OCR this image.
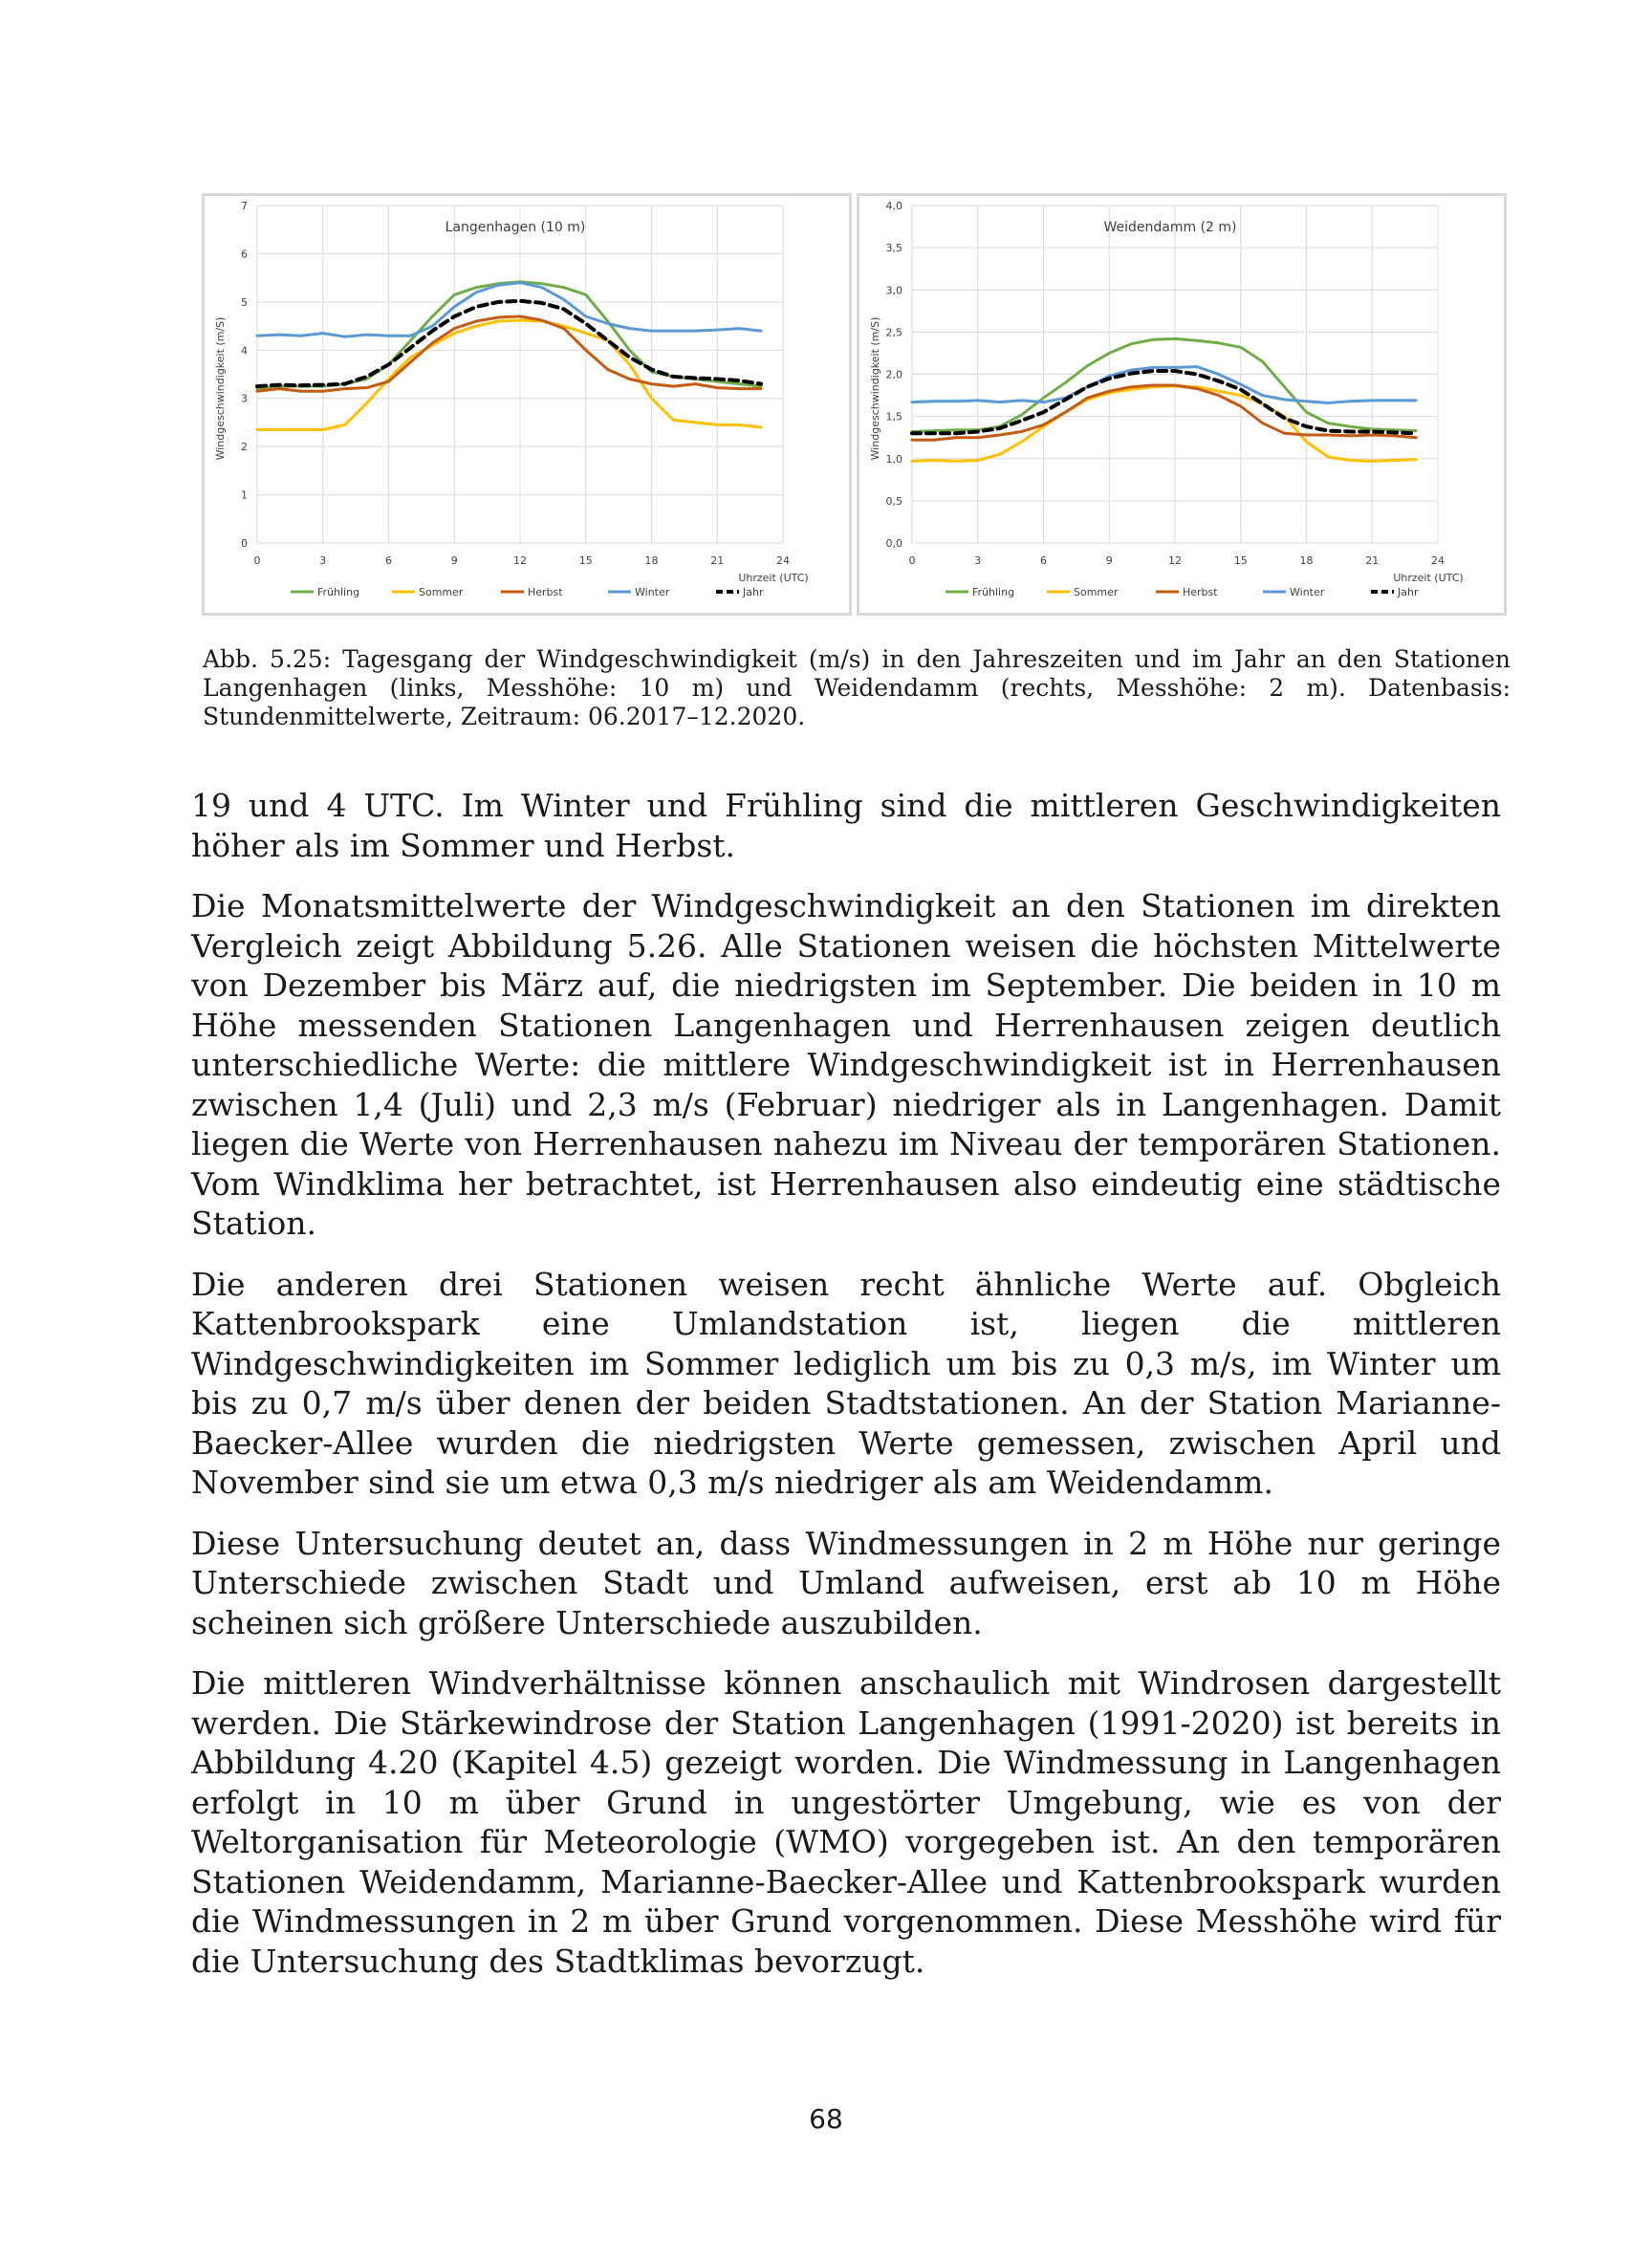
0
1
2
3
4
5
6
7
0	3	6	9	12	15	18	21	24
Langenhagen (10 m)
Uhrzeit (UTC)
Windgeschwindigkeit (m/S)
Frühling	Sommer	Herbst	Winter	Jahr
0,0
0,5
1,0
1,5
2,0
2,5
3,0
3,5
4,0
0	3	6	9	12	15	18	21	24
Weidendamm (2 m)
Uhrzeit (UTC)
Windgeschwindigkeit (m/S)
Frühling	Sommer	Herbst	Winter	Jahr
Abb. 5.25: Tagesgang der Windgeschwindigkeit (m/s) in den Jahreszeiten und im Jahr an den Stationen Langenhagen (links, Messhöhe: 10 m) und Weidendamm (rechts, Messhöhe: 2 m). Datenbasis: Stundenmittelwerte, Zeitraum: 06.2017–12.2020.

19 und 4 UTC. Im Winter und Frühling sind die mittleren Geschwindigkeiten höher als im Sommer und Herbst.

Die Monatsmittelwerte der Windgeschwindigkeit an den Stationen im direkten Vergleich zeigt Abbildung 5.26. Alle Stationen weisen die höchsten Mittelwerte von Dezember bis März auf, die niedrigsten im September. Die beiden in 10 m Höhe messenden Stationen Langenhagen und Herrenhausen zeigen deutlich unterschiedliche Werte: die mittlere Windgeschwindigkeit ist in Herrenhausen zwischen 1,4 (Juli) und 2,3 m/s (Februar) niedriger als in Langenhagen. Damit liegen die Werte von Herrenhausen nahezu im Niveau der temporären Stationen. Vom Windklima her betrachtet, ist Herrenhausen also eindeutig eine städtische Station.

Die anderen drei Stationen weisen recht ähnliche Werte auf. Obgleich Kattenbrookspark eine Umlandstation ist, liegen die mittleren Windgeschwindigkeiten im Sommer lediglich um bis zu 0,3 m/s, im Winter um bis zu 0,7 m/s über denen der beiden Stadtstationen. An der Station Marianne-Baecker-Allee wurden die niedrigsten Werte gemessen, zwischen April und November sind sie um etwa 0,3 m/s niedriger als am Weidendamm.

Diese Untersuchung deutet an, dass Windmessungen in 2 m Höhe nur geringe Unterschiede zwischen Stadt und Umland aufweisen, erst ab 10 m Höhe scheinen sich größere Unterschiede auszubilden.

Die mittleren Windverhältnisse können anschaulich mit Windrosen dargestellt werden. Die Stärkewindrose der Station Langenhagen (1991-2020) ist bereits in Abbildung 4.20 (Kapitel 4.5) gezeigt worden. Die Windmessung in Langenhagen erfolgt in 10 m über Grund in ungestörter Umgebung, wie es von der Weltorganisation für Meteorologie (WMO) vorgegeben ist. An den temporären Stationen Weidendamm, Marianne-Baecker-Allee und Kattenbrookspark wurden die Windmessungen in 2 m über Grund vorgenommen. Diese Messhöhe wird für die Untersuchung des Stadtklimas bevorzugt.

68
